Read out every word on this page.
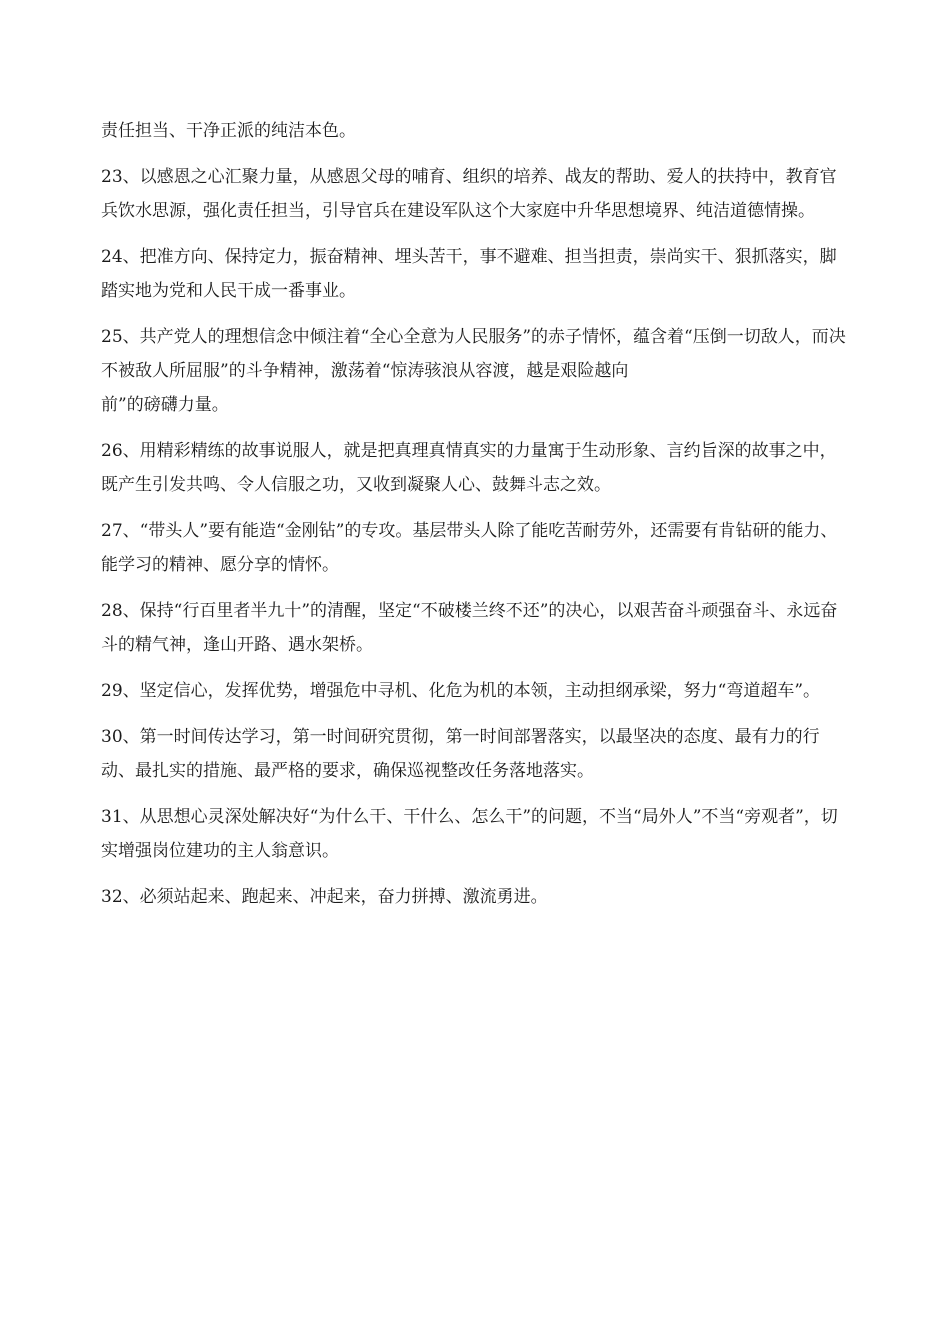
责任担当、干净正派的纯洁本色。

23、以感恩之心汇聚力量，从感恩父母的哺育、组织的培养、战友的帮助、爱人的扶持中，教育官兵饮水思源，强化责任担当，引导官兵在建设军队这个大家庭中升华思想境界、纯洁道德情操。

24、把准方向、保持定力，振奋精神、埋头苦干，事不避难、担当担责，崇尚实干、狠抓落实，脚踏实地为党和人民干成一番事业。

25、共产党人的理想信念中倾注着“全心全意为人民服务”的赤子情怀，蕴含着“压倒一切敌人，而决不被敌人所屈服”的斗争精神，激荡着“惊涛骇浪从容渡，越是艰险越向
前”的磅礴力量。

26、用精彩精练的故事说服人，就是把真理真情真实的力量寓于生动形象、言约旨深的故事之中，既产生引发共鸣、令人信服之功，又收到凝聚人心、鼓舞斗志之效。

27、“带头人”要有能造“金刚钻”的专攻。基层带头人除了能吃苦耐劳外，还需要有肯钻研的能力、能学习的精神、愿分享的情怀。

28、保持“行百里者半九十”的清醒，坚定“不破楼兰终不还”的决心，以艰苦奋斗顽强奋斗、永远奋斗的精气神，逢山开路、遇水架桥。

29、坚定信心，发挥优势，增强危中寻机、化危为机的本领，主动担纲承梁，努力“弯道超车”。

30、第一时间传达学习，第一时间研究贯彻，第一时间部署落实，以最坚决的态度、最有力的行动、最扎实的措施、最严格的要求，确保巡视整改任务落地落实。

31、从思想心灵深处解决好“为什么干、干什么、怎么干”的问题，不当“局外人”不当“旁观者”，切实增强岗位建功的主人翁意识。

32、必须站起来、跑起来、冲起来，奋力拼搏、激流勇进。
